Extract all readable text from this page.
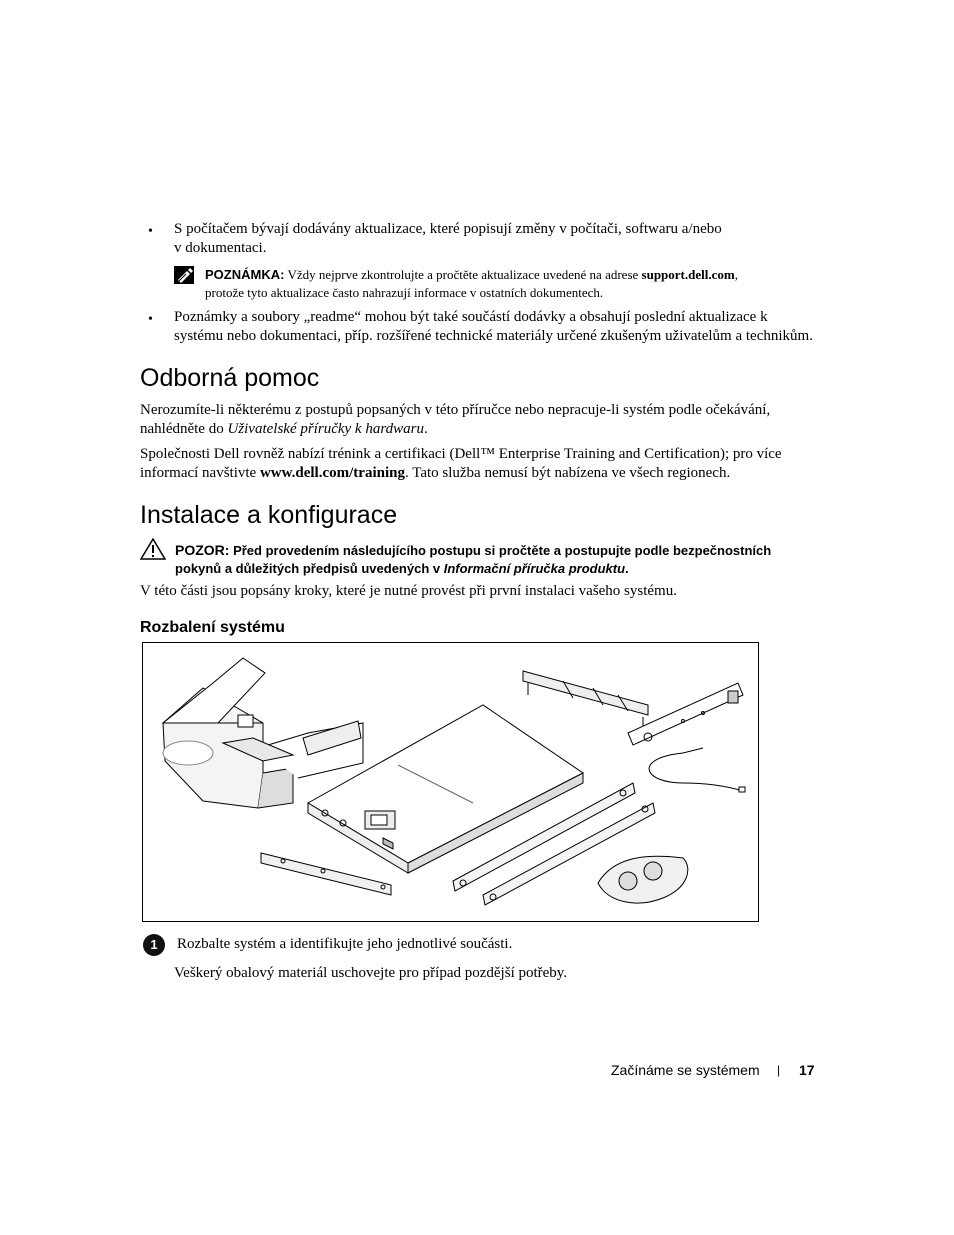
• S počítačem bývají dodávány aktualizace, které popisují změny v počítači, softwaru a/nebo
v dokumentaci.
POZNÁMKA: Vždy nejprve zkontrolujte a pročtěte aktualizace uvedené na adrese support.dell.com,
protože tyto aktualizace často nahrazují informace v ostatních dokumentech.
• Poznámky a soubory „readme“ mohou být také součástí dodávky a obsahují poslední aktualizace k
systému nebo dokumentaci, příp. rozšířené technické materiály určené zkušeným uživatelům a technikům.
Odborná pomoc
Nerozumíte-li některému z postupů popsaných v této příručce nebo nepracuje-li systém podle očekávání,
nahlédněte do Uživatelské příručky k hardwaru.
Společnosti Dell rovněž nabízí trénink a certifikaci (Dell™ Enterprise Training and Certification); pro více
informací navštivte www.dell.com/training. Tato služba nemusí být nabízena ve všech regionech.
Instalace a konfigurace
POZOR: Před provedením následujícího postupu si pročtěte a postupujte podle bezpečnostních
pokynů a důležitých předpisů uvedených v Informační příručka produktu.
V této části jsou popsány kroky, které je nutné provést při první instalaci vašeho systému.
Rozbalení systému
1	Rozbalte systém a identifikujte jeho jednotlivé součásti.
Veškerý obalový materiál uschovejte pro případ pozdější potřeby.
Začínáme se systémem | 17
